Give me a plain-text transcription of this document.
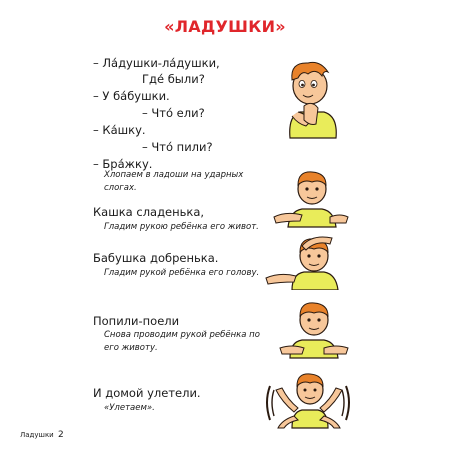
«ЛАДУШКИ»
– Ла́душки-ла́душки,
Где́ были?
– У ба́бушки.
– Что́ ели?
– Ка́шку.
– Что́ пили?
– Бра́жку.
Хлопаем в ладоши на ударных слогах.
Кашка сладенька,
Гладим рукою ребёнка его живот.
Бабушка добренька.
Гладим рукой ребёнка его голову.
Попили-поели
Снова проводим рукой ребёнка по его животу.
И домой улетели.
«Улетаем».
Ладушки 2
